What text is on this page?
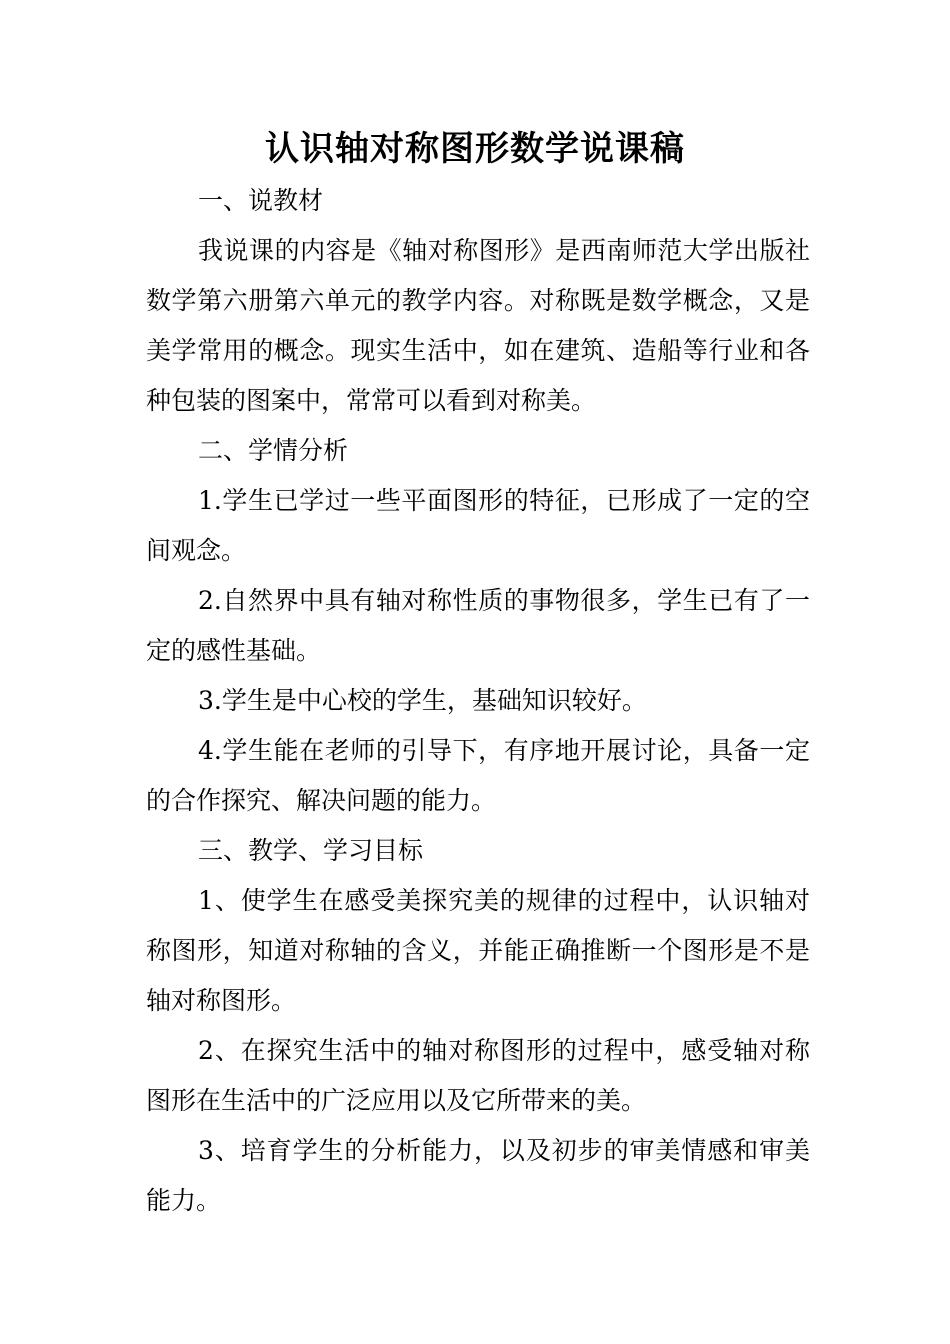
认识轴对称图形数学说课稿

一、说教材

我说课的内容是《轴对称图形》是西南师范大学出版社数学第六册第六单元的教学内容。对称既是数学概念，又是美学常用的概念。现实生活中，如在建筑、造船等行业和各种包装的图案中，常常可以看到对称美。

二、学情分析

1.学生已学过一些平面图形的特征，已形成了一定的空间观念。

2.自然界中具有轴对称性质的事物很多，学生已有了一定的感性基础。

3.学生是中心校的学生，基础知识较好。

4.学生能在老师的引导下，有序地开展讨论，具备一定的合作探究、解决问题的能力。

三、教学、学习目标

1、使学生在感受美探究美的规律的过程中，认识轴对称图形，知道对称轴的含义，并能正确推断一个图形是不是轴对称图形。

2、在探究生活中的轴对称图形的过程中，感受轴对称图形在生活中的广泛应用以及它所带来的美。

3、培育学生的分析能力，以及初步的审美情感和审美能力。
